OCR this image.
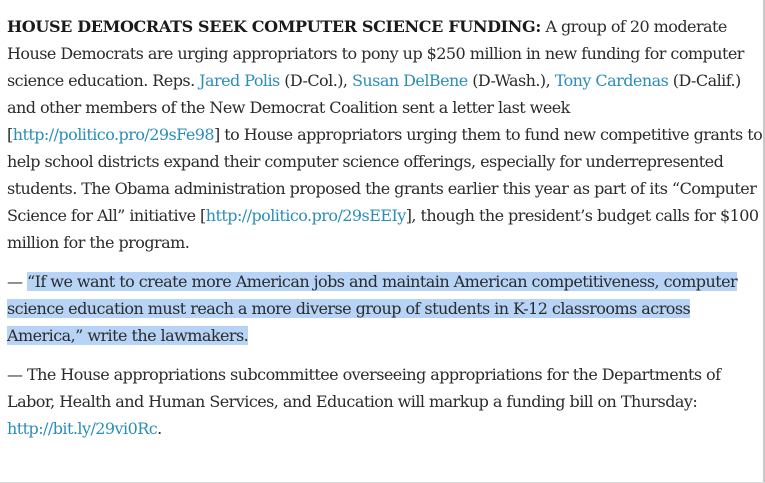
HOUSE DEMOCRATS SEEK COMPUTER SCIENCE FUNDING: A group of 20 moderate House Democrats are urging appropriators to pony up $250 million in new funding for computer science education. Reps. Jared Polis (D-Col.), Susan DelBene (D-Wash.), Tony Cardenas (D-Calif.) and other members of the New Democrat Coalition sent a letter last week [http://politico.pro/29sFe98] to House appropriators urging them to fund new competitive grants to help school districts expand their computer science offerings, especially for underrepresented students. The Obama administration proposed the grants earlier this year as part of its “Computer Science for All” initiative [http://politico.pro/29sEEIy], though the president’s budget calls for $100 million for the program.

— “If we want to create more American jobs and maintain American competitiveness, computer science education must reach a more diverse group of students in K-12 classrooms across America,” write the lawmakers.

— The House appropriations subcommittee overseeing appropriations for the Departments of Labor, Health and Human Services, and Education will markup a funding bill on Thursday: http://bit.ly/29vi0Rc.
